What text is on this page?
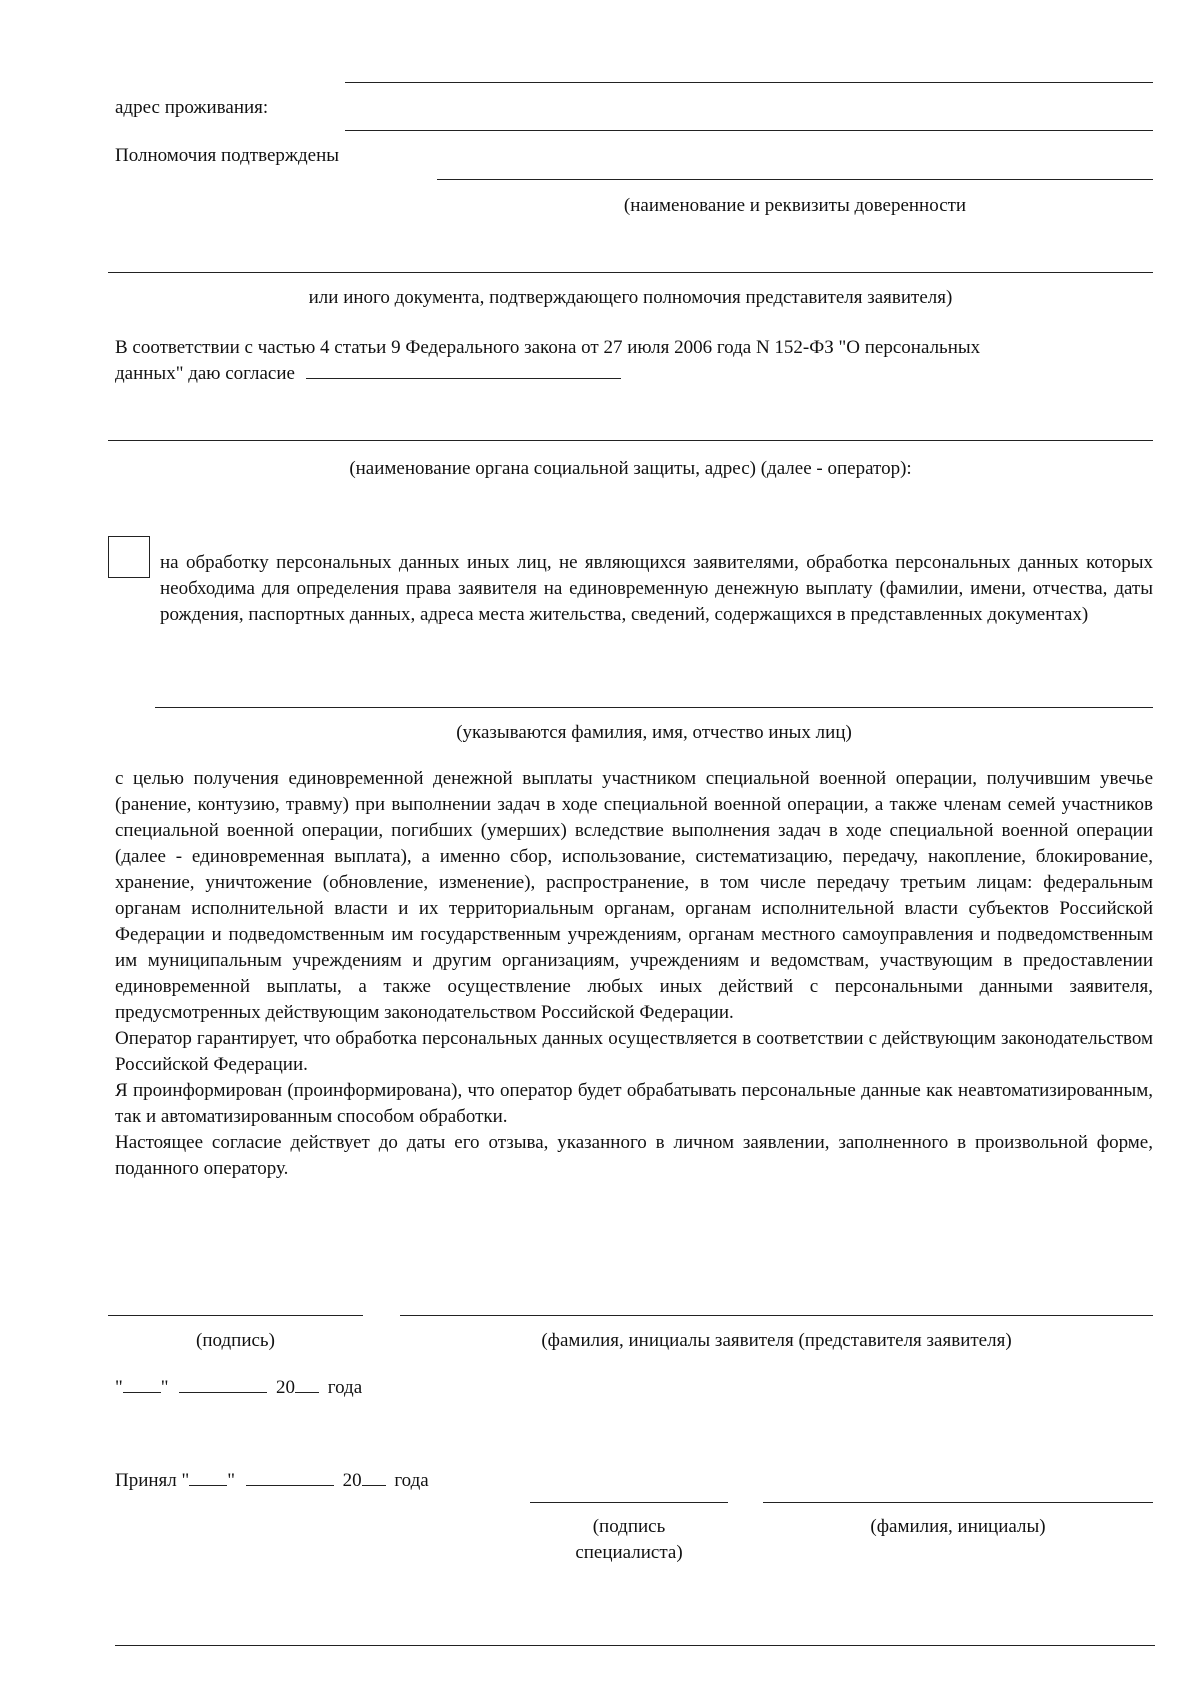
адрес проживания:
Полномочия подтверждены
(наименование и реквизиты доверенности
или иного документа, подтверждающего полномочия представителя заявителя)
В соответствии с частью 4 статьи 9 Федерального закона от 27 июля 2006 года N 152-ФЗ "О персональных
данных" даю согласие
(наименование органа социальной защиты, адрес) (далее - оператор):
на обработку персональных данных иных лиц, не являющихся заявителями, обработка персональных данных которых необходима для определения права заявителя на единовременную денежную выплату (фамилии, имени, отчества, даты рождения, паспортных данных, адреса места жительства, сведений, содержащихся в представленных документах)
(указываются фамилия, имя, отчество иных лиц)

с целью получения единовременной денежной выплаты участником специальной военной операции, получившим увечье (ранение, контузию, травму) при выполнении задач в ходе специальной военной операции, а также членам семей участников специальной военной операции, погибших (умерших) вследствие выполнения задач в ходе специальной военной операции (далее - единовременная выплата), а именно сбор, использование, систематизацию, передачу, накопление, блокирование, хранение, уничтожение (обновление, изменение), распространение, в том числе передачу третьим лицам: федеральным органам исполнительной власти и их территориальным органам, органам исполнительной власти субъектов Российской Федерации и подведомственным им государственным учреждениям, органам местного самоуправления и подведомственным им муниципальным учреждениям и другим организациям, учреждениям и ведомствам, участвующим в предоставлении единовременной выплаты, а также осуществление любых иных действий с персональными данными заявителя, предусмотренных действующим законодательством Российской Федерации.

Оператор гарантирует, что обработка персональных данных осуществляется в соответствии с действующим законодательством Российской Федерации.

Я проинформирован (проинформирована), что оператор будет обрабатывать персональные данные как неавтоматизированным, так и автоматизированным способом обработки.

Настоящее согласие действует до даты его отзыва, указанного в личном заявлении, заполненного в произвольной форме, поданного оператору.

(подпись)	(фамилия, инициалы заявителя (представителя заявителя)
" "	20 года
Принял " "	20 года
(подпись
специалиста)
(фамилия, инициалы)
